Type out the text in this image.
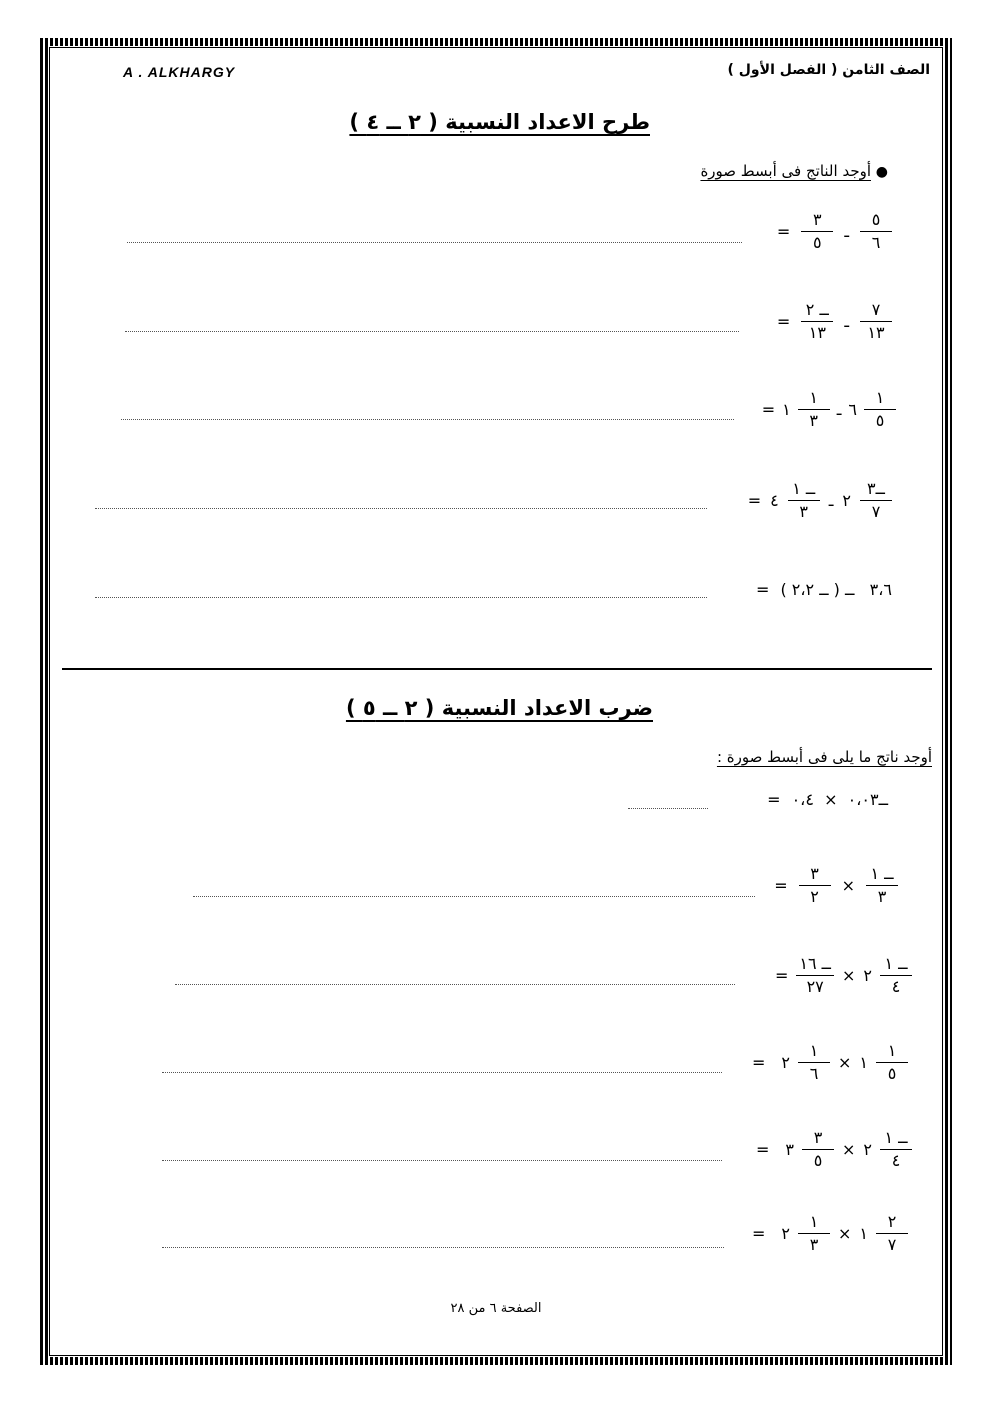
A . ALKHARGY	الصف الثامن ( الفصل الأول )
طرح الاعداد النسبية ( ٢ ــ ٤ )
●
أوجد الناتج فى أبسط صورة
$\frac{٥}{٦}$
ـ
$\frac{٣}{٥}$
=
$\frac{٧}{١٣}$
ـ
$\frac{\text{ــ ٢}}{١٣}$
=
$\frac{١}{٥}$
٦
ـ
$\frac{١}{٣}$
١
=
$\frac{\text{ــ٣}}{٧}$
٢
ـ
$\frac{\text{ــ ١}}{٣}$
٤
=
٣،٦   ــ ( ــ ٢،٢ )
=
ضرب الاعداد النسبية ( ٢ ــ ٥ )
أوجد ناتج ما يلى فى أبسط صورة :
ــ٠،٠٣  ×  ٠،٤
=
$\frac{\text{ــ ١}}{٣}$
×
$\frac{٣}{٢}$
=
$\frac{\text{ــ ١}}{٤}$
٢
×
$\frac{\text{ــ ١٦}}{٢٧}$
=
$\frac{١}{٥}$
١
×
$\frac{١}{٦}$
٢
=
$\frac{\text{ــ ١}}{٤}$
٢
×
$\frac{٣}{٥}$
٣
=
$\frac{٢}{٧}$
١
×
$\frac{١}{٣}$
٢
=
الصفحة ٦ من ٢٨
